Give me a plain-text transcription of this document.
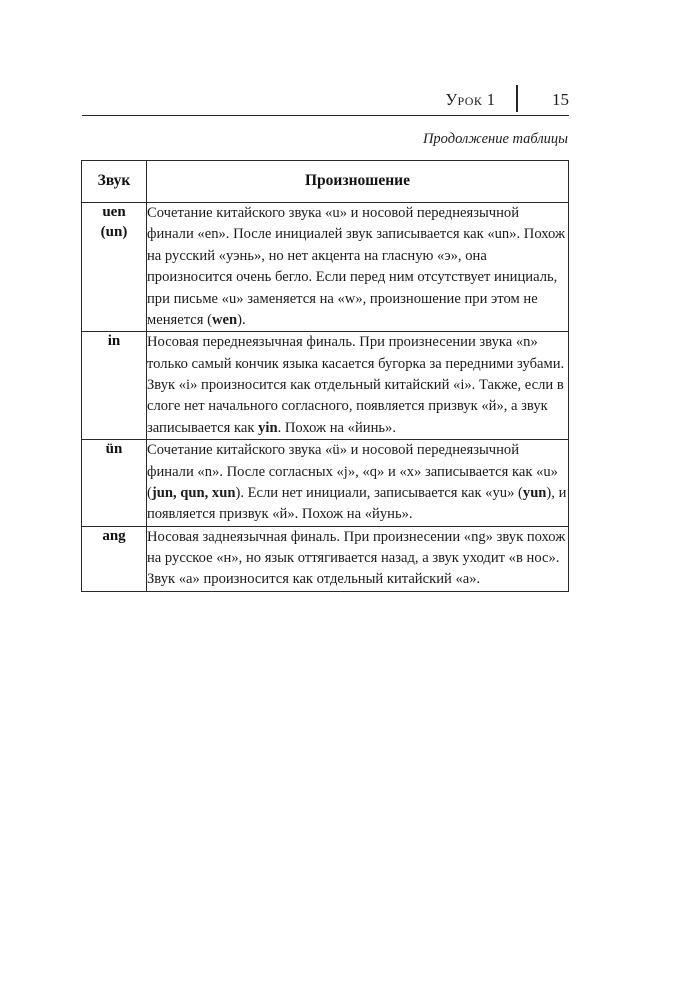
Урок 1	15
Продолжение таблицы
Звук	Произношение
uen
(un)	Сочетание китайского звука «u» и носовой переднеязычной финали «en». После инициалей звук записывается как «un». Похож на русский «уэнь», но нет акцента на гласную «э», она произносится очень бегло. Если перед ним отсутствует инициаль, при письме «u» заменяется на «w», произношение при этом не меняется (wen).

in	Носовая переднеязычная финаль. При произнесении звука «n» только самый кончик языка касается бугорка за передними зубами. Звук «i» произносится как отдельный китайский «i». Также, если в слоге нет начального согласного, появляется призвук «й», а звук записывается как yin. Похож на «йинь».

ün	Сочетание китайского звука «ü» и носовой переднеязычной финали «n». После согласных «j», «q» и «x» записывается как «u» (jun, qun, xun). Если нет инициали, записывается как «yu» (yun), и появляется призвук «й». Похож на «йунь».

ang	Носовая заднеязычная финаль. При произнесении «ng» звук похож на русское «н», но язык оттягивается назад, а звук уходит «в нос». Звук «a» произносится как отдельный китайский «a».
